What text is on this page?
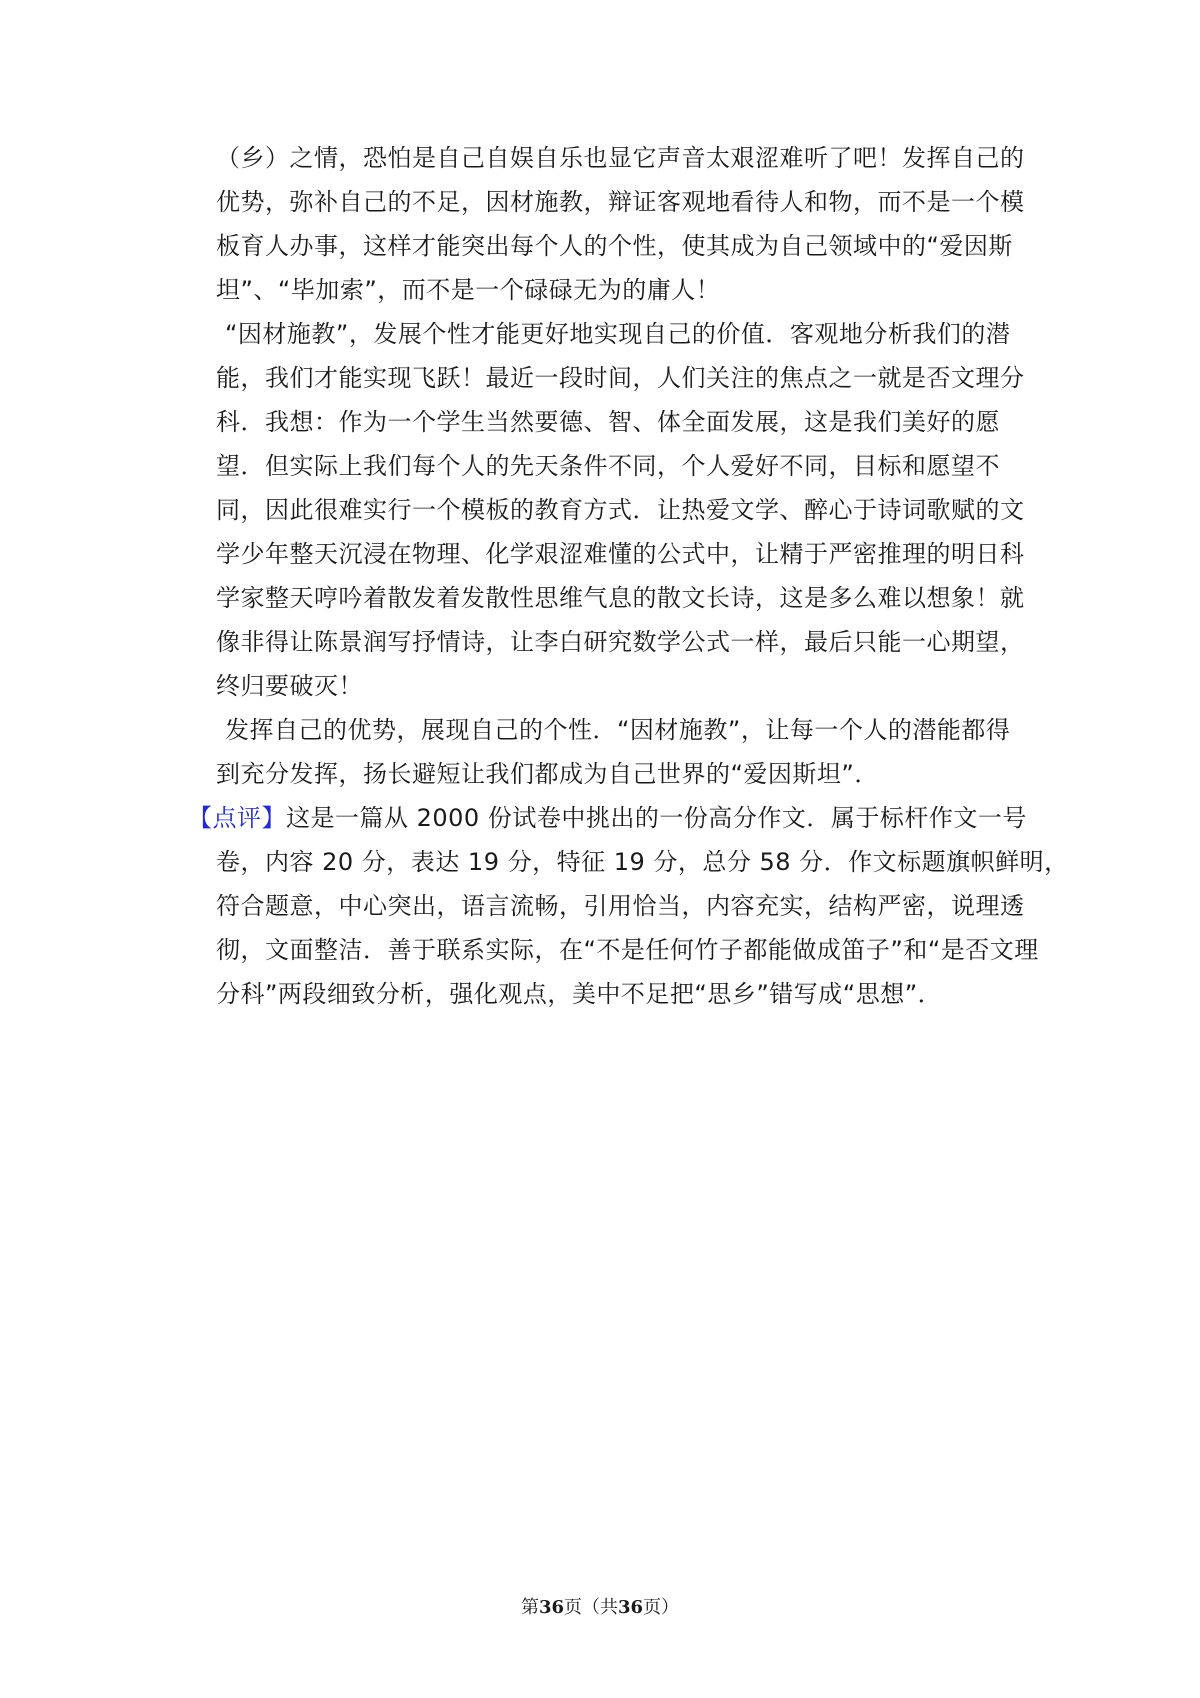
（乡）之情，恐怕是自己自娱自乐也显它声音太艰涩难听了吧！发挥自己的
优势，弥补自己的不足，因材施教，辩证客观地看待人和物，而不是一个模
板育人办事，这样才能突出每个人的个性，使其成为自己领域中的“爱因斯
坦”、“毕加索”，而不是一个碌碌无为的庸人！
“因材施教”，发展个性才能更好地实现自己的价值．客观地分析我们的潜
能，我们才能实现飞跃！最近一段时间，人们关注的焦点之一就是否文理分
科．我想：作为一个学生当然要德、智、体全面发展，这是我们美好的愿
望．但实际上我们每个人的先天条件不同，个人爱好不同，目标和愿望不
同，因此很难实行一个模板的教育方式．让热爱文学、醉心于诗词歌赋的文
学少年整天沉浸在物理、化学艰涩难懂的公式中，让精于严密推理的明日科
学家整天哼吟着散发着发散性思维气息的散文长诗，这是多么难以想象！就
像非得让陈景润写抒情诗，让李白研究数学公式一样，最后只能一心期望，
终归要破灭！
发挥自己的优势，展现自己的个性．“因材施教”，让每一个人的潜能都得
到充分发挥，扬长避短让我们都成为自己世界的“爱因斯坦”．
【点评】这是一篇从 2000 份试卷中挑出的一份高分作文．属于标杆作文一号
卷，内容 20 分，表达 19 分，特征 19 分，总分 58 分．作文标题旗帜鲜明，
符合题意，中心突出，语言流畅，引用恰当，内容充实，结构严密，说理透
彻，文面整洁．善于联系实际，在“不是任何竹子都能做成笛子”和“是否文理
分科”两段细致分析，强化观点，美中不足把“思乡”错写成“思想”．
第36页（共36页）
